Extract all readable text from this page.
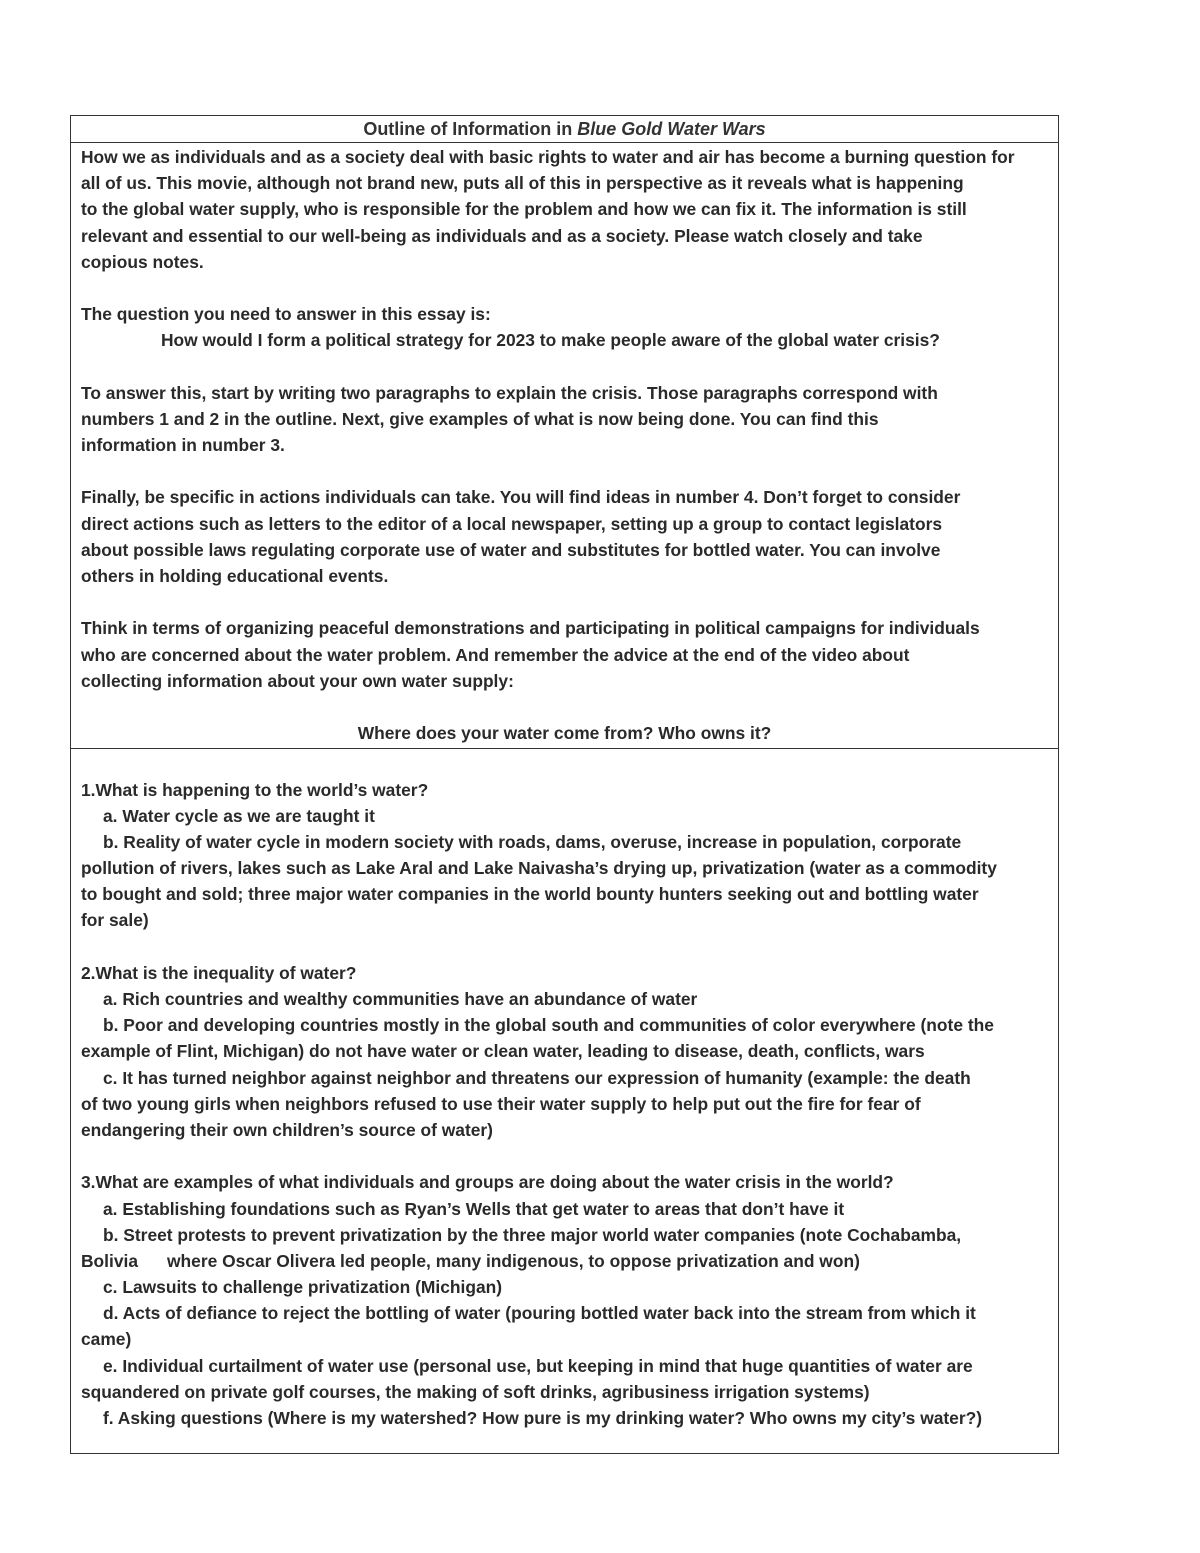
Outline of Information in Blue Gold Water Wars
How we as individuals and as a society deal with basic rights to water and air has become a burning question for
all of us. This movie, although not brand new, puts all of this in perspective as it reveals what is happening
to the global water supply, who is responsible for the problem and how we can fix it. The information is still
relevant and essential to our well-being as individuals and as a society. Please watch closely and take
copious notes.
The question you need to answer in this essay is:
How would I form a political strategy for 2023 to make people aware of the global water crisis?
To answer this, start by writing two paragraphs to explain the crisis. Those paragraphs correspond with
numbers 1 and 2 in the outline. Next, give examples of what is now being done. You can find this
information in number 3.
Finally, be specific in actions individuals can take. You will find ideas in number 4. Don’t forget to consider
direct actions such as letters to the editor of a local newspaper, setting up a group to contact legislators
about possible laws regulating corporate use of water and substitutes for bottled water. You can involve
others in holding educational events.
Think in terms of organizing peaceful demonstrations and participating in political campaigns for individuals
who are concerned about the water problem. And remember the advice at the end of the video about
collecting information about your own water supply:
Where does your water come from? Who owns it?
1.What is happening to the world’s water?
a. Water cycle as we are taught it
b. Reality of water cycle in modern society with roads, dams, overuse, increase in population, corporate
pollution of rivers, lakes such as Lake Aral and Lake Naivasha’s drying up, privatization (water as a commodity
to bought and sold; three major water companies in the world bounty hunters seeking out and bottling water
for sale)
2.What is the inequality of water?
a. Rich countries and wealthy communities have an abundance of water
b. Poor and developing countries mostly in the global south and communities of color everywhere (note the
example of Flint, Michigan) do not have water or clean water, leading to disease, death, conflicts, wars
c. It has turned neighbor against neighbor and threatens our expression of humanity (example: the death
of two young girls when neighbors refused to use their water supply to help put out the fire for fear of
endangering their own children’s source of water)
3.What are examples of what individuals and groups are doing about the water crisis in the world?
a. Establishing foundations such as Ryan’s Wells that get water to areas that don’t have it
b. Street protests to prevent privatization by the three major world water companies (note Cochabamba,
Bolivia      where Oscar Olivera led people, many indigenous, to oppose privatization and won)
c. Lawsuits to challenge privatization (Michigan)
d. Acts of defiance to reject the bottling of water (pouring bottled water back into the stream from which it
came)
e. Individual curtailment of water use (personal use, but keeping in mind that huge quantities of water are
squandered on private golf courses, the making of soft drinks, agribusiness irrigation systems)
f. Asking questions (Where is my watershed? How pure is my drinking water? Who owns my city’s water?)
